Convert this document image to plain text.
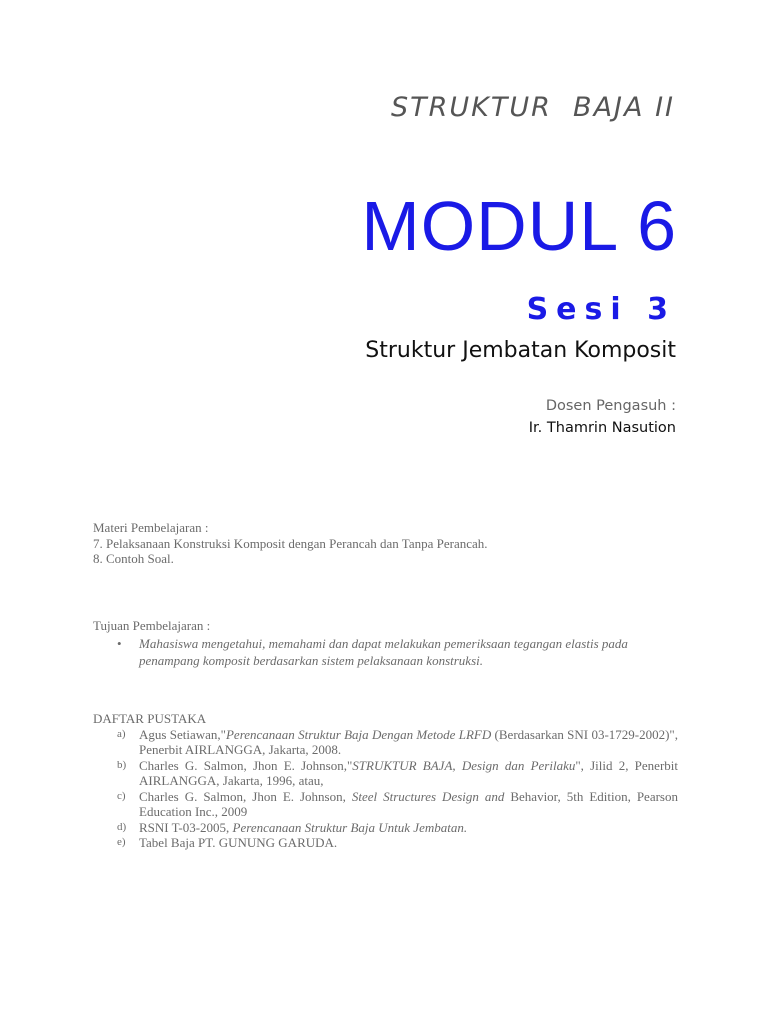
STRUKTUR  BAJA II
MODUL 6
Sesi 3
Struktur Jembatan Komposit
Dosen Pengasuh :
Ir. Thamrin Nasution
Materi Pembelajaran :
7. Pelaksanaan Konstruksi Komposit dengan Perancah dan Tanpa Perancah.
8. Contoh Soal.
Tujuan Pembelajaran :
• Mahasiswa mengetahui, memahami dan dapat melakukan pemeriksaan tegangan elastis pada penampang komposit berdasarkan sistem pelaksanaan konstruksi.
DAFTAR PUSTAKA
a) Agus Setiawan,"Perencanaan Struktur Baja Dengan Metode LRFD (Berdasarkan SNI 03-1729-2002)", Penerbit AIRLANGGA, Jakarta, 2008.
b) Charles G. Salmon, Jhon E. Johnson,"STRUKTUR BAJA, Design dan Perilaku", Jilid 2, Penerbit AIRLANGGA, Jakarta, 1996, atau,
c) Charles G. Salmon, Jhon E. Johnson, Steel Structures Design and Behavior, 5th Edition, Pearson Education Inc., 2009
d) RSNI T-03-2005, Perencanaan Struktur Baja Untuk Jembatan.
e) Tabel Baja PT. GUNUNG GARUDA.
